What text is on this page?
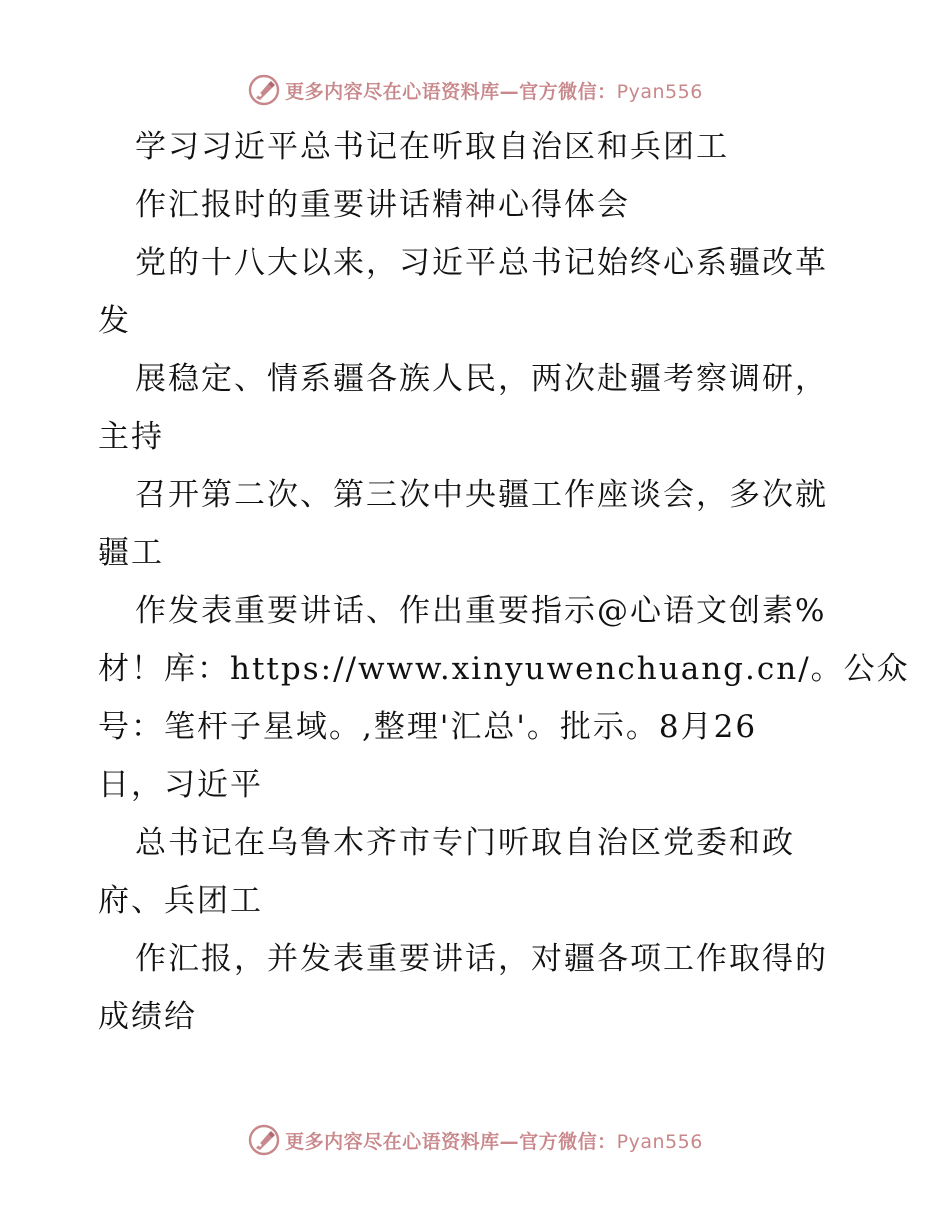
更多内容尽在心语资料库—官方微信：Pyan556
学习习近平总书记在听取自治区和兵团工
作汇报时的重要讲话精神心得体会
党的十八大以来，习近平总书记始终心系疆改革
发
展稳定、情系疆各族人民，两次赴疆考察调研，
主持
召开第二次、第三次中央疆工作座谈会，多次就
疆工
作发表重要讲话、作出重要指示@心语文创素%
材！库：https://www.xinyuwenchuang.cn/。公众
号：笔杆子星域。,整理'汇总'。批示。8月26
日，习近平
总书记在乌鲁木齐市专门听取自治区党委和政
府、兵团工
作汇报，并发表重要讲话，对疆各项工作取得的
成绩给
更多内容尽在心语资料库—官方微信：Pyan556
